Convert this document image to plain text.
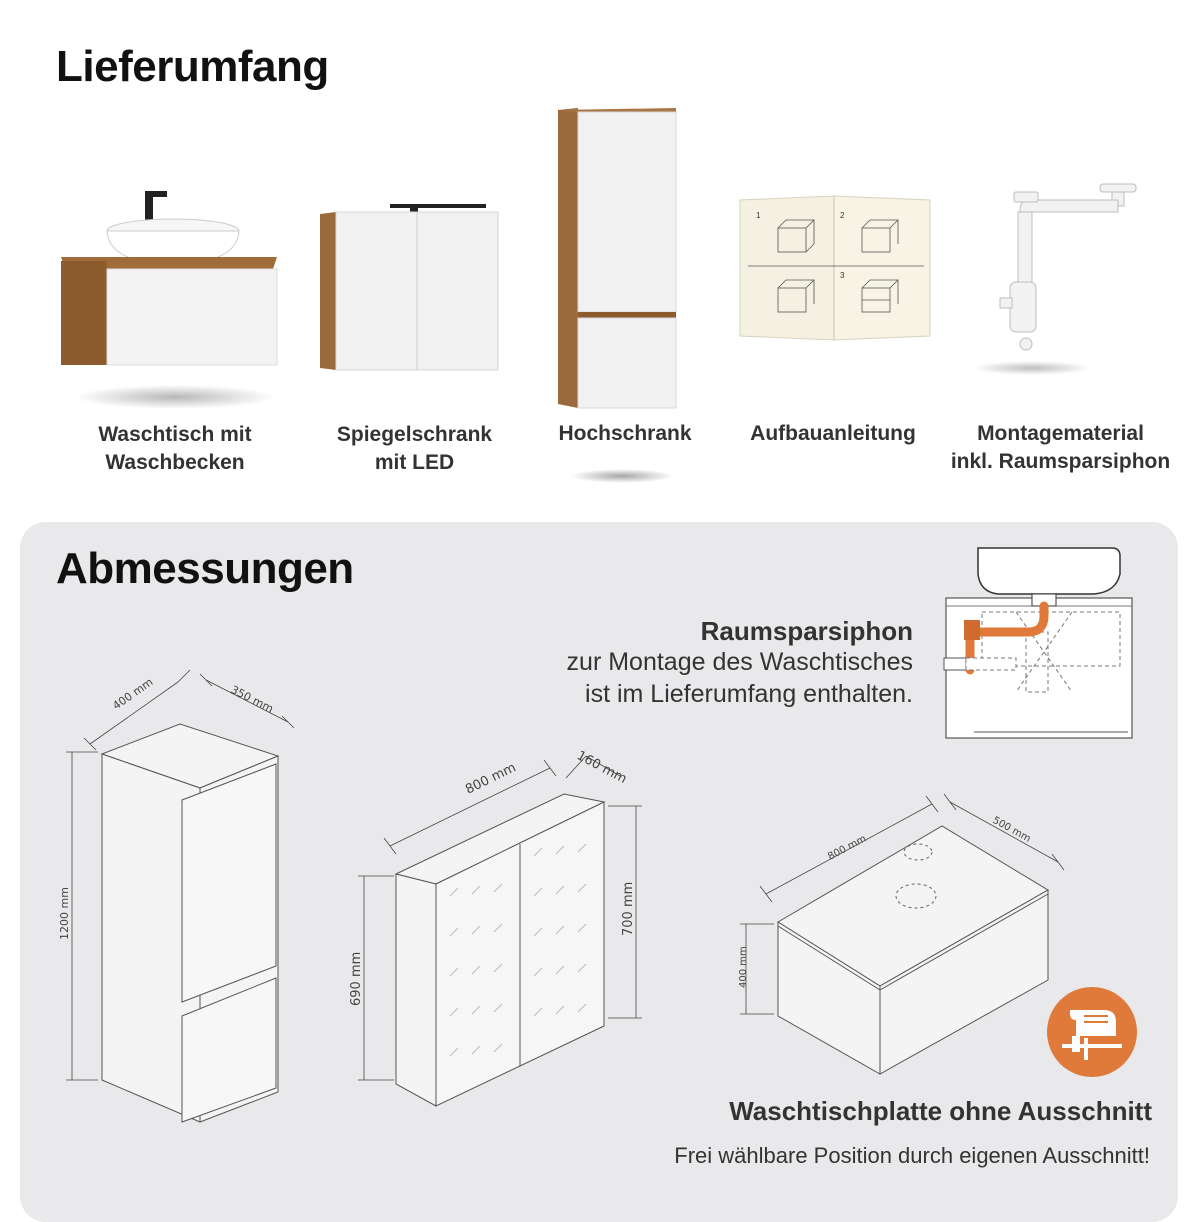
Lieferumfang
Waschtisch mit
Waschbecken
Spiegelschrank
mit LED
Hochschrank
1	2
3
Aufbauanleitung	Montagematerial
inkl. Raumsparsiphon
Abmessungen
Raumsparsiphon
zur Montage des Waschtisches
ist im Lieferumfang enthalten.
1200 mm
400 mm	350 mm
690 mm
700 mm
800 mm	160 mm
400 mm
800 mm
500 mm
Waschtischplatte ohne Ausschnitt
Frei wählbare Position durch eigenen Ausschnitt!
